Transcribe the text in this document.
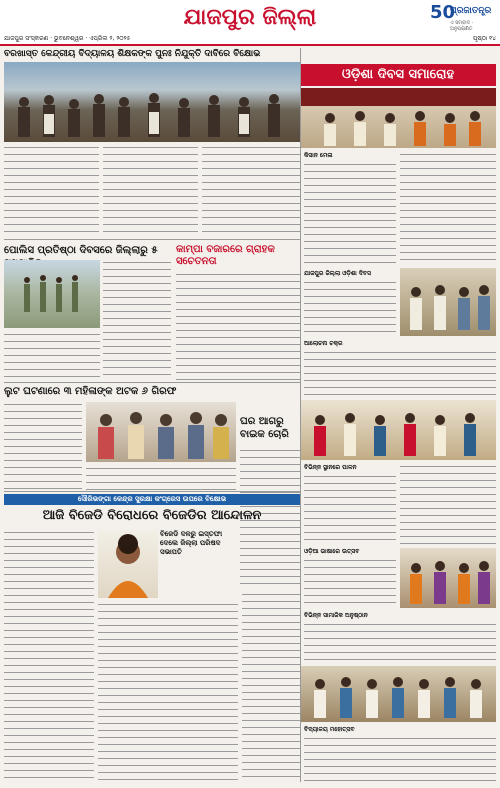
ଯାଜପୁର ଜିଲ୍ଲା	50
ପ୍ରଜାତନ୍ତ୍ର
ଏ ସମ୍ବାଦ · ଅନୁପ୍ରାଣିତ
ଯାଜପୁର ସଂସ୍କରଣ · ଭୁବନେଶ୍ୱର · ଏପ୍ରିଲ ୨, ୨୦୨୫	ପୃଷ୍ଠା ୧୪
ବରଖାସ୍ତ କେନ୍ଦ୍ରୀୟ ବିଦ୍ୟାଳୟ ଶିକ୍ଷକଙ୍କ ପୁନଃ ନିଯୁକ୍ତି ଦାବିରେ ବିକ୍ଷୋଭ
ଓଡ଼ିଶା ଦିବସ ସମାରୋହ
ପୋଲିସ ପ୍ରତିଷ୍ଠା ଦିବସରେ ଜିଲ୍ଲାରୁ ୫	କାମ୍ପା ବଜାରରେ ଗ୍ରାହକ ସଚେତନତା
ଲୁଟ ଘଟଣାରେ ୩ ମହିଳାଙ୍କ ଅଟକ ୬ ଗିରଫ
ଘର ଆଗରୁ ବାଇକ ଚୋରି
ସୌରିଭଙ୍ଗା କେନ୍ଦ୍ର ସୁରକ୍ଷା କଂଗ୍ରେସ ଉପରେ ବିକ୍ଷୋଭ
ଆଜି ବିଜେଡି ବିରୋଧରେ ବିଜେଡିର ଆନ୍ଦୋଳନ
ବିଜେଡି ଦଳରୁ ଇସ୍ତଫା ଦେଲେ ଜିଲ୍ଲା ପରିଷଦ ସଭାପତି
କିସାନ ମେଳା
ଯାଜପୁର ଜିଲ୍ଲା ଓଡ଼ିଶା ଦିବସ
ଆଲୋଚନା ଚକ୍ର
ବିଭିନ୍ନ ସ୍ଥାନରେ ପାଳନ
ଓଡ଼ିଆ ଭାଷାରେ ଉତ୍ସବ
ବିଭିନ୍ନ ସାମାଜିକ ଅନୁଷ୍ଠାନ
ବିଦ୍ୟାଳୟ ମହୋତ୍ସବ
